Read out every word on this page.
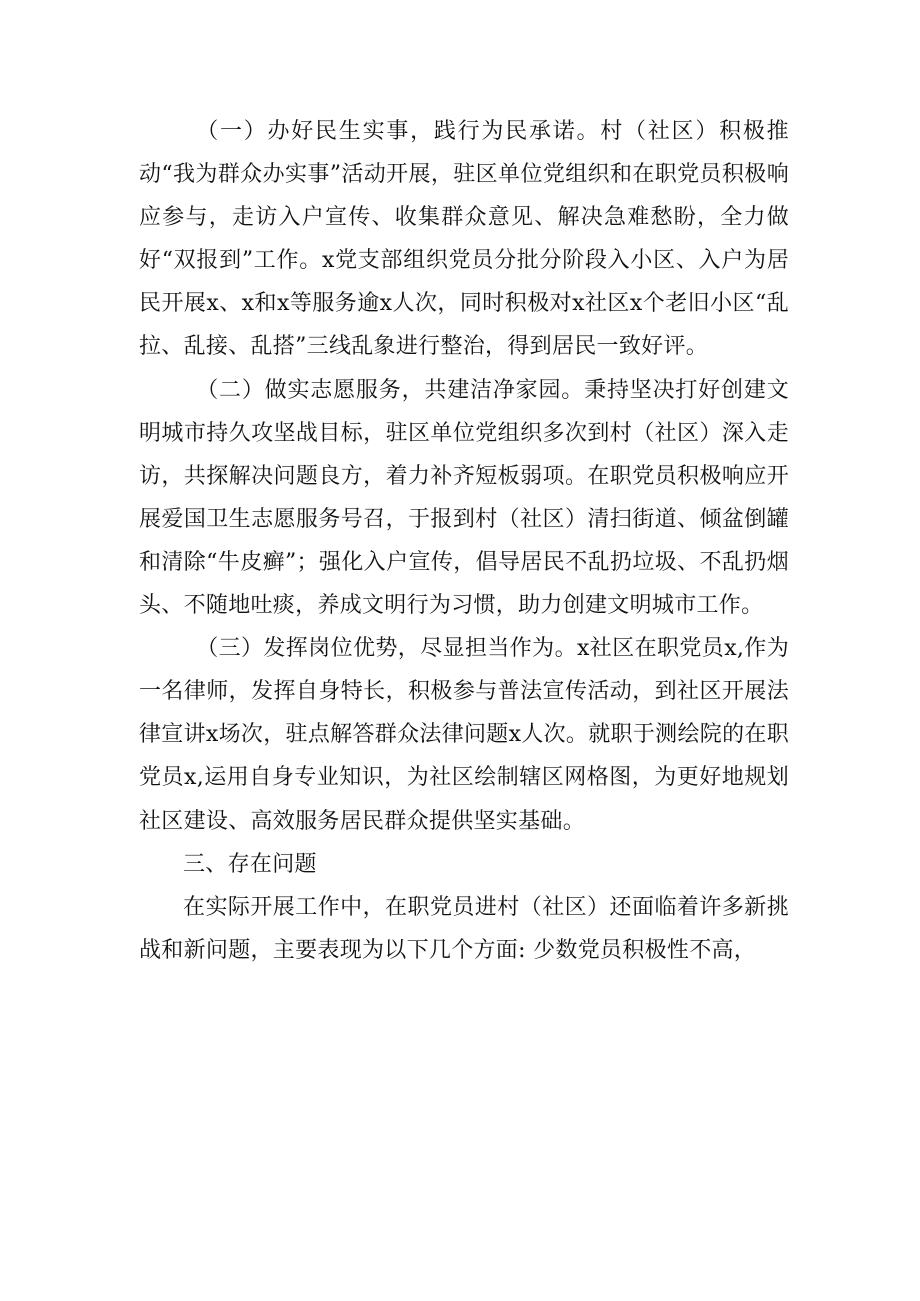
（一）办好民生实事，践行为民承诺。村（社区）积极推动“我为群众办实事”活动开展，驻区单位党组织和在职党员积极响应参与，走访入户宣传、收集群众意见、解决急难愁盼，全力做好“双报到”工作。x党支部组织党员分批分阶段入小区、入户为居民开展x、x和x等服务逾x人次，同时积极对x社区x个老旧小区“乱拉、乱接、乱搭”三线乱象进行整治，得到居民一致好评。

（二）做实志愿服务，共建洁净家园。秉持坚决打好创建文明城市持久攻坚战目标，驻区单位党组织多次到村（社区）深入走访，共探解决问题良方，着力补齐短板弱项。在职党员积极响应开展爱国卫生志愿服务号召，于报到村（社区）清扫街道、倾盆倒罐和清除“牛皮癣”；强化入户宣传，倡导居民不乱扔垃圾、不乱扔烟头、不随地吐痰，养成文明行为习惯，助力创建文明城市工作。

（三）发挥岗位优势，尽显担当作为。x社区在职党员x,作为一名律师，发挥自身特长，积极参与普法宣传活动，到社区开展法律宣讲x场次，驻点解答群众法律问题x人次。就职于测绘院的在职党员x,运用自身专业知识，为社区绘制辖区网格图，为更好地规划社区建设、高效服务居民群众提供坚实基础。

三、存在问题

在实际开展工作中，在职党员进村（社区）还面临着许多新挑战和新问题，主要表现为以下几个方面: 少数党员积极性不高，
